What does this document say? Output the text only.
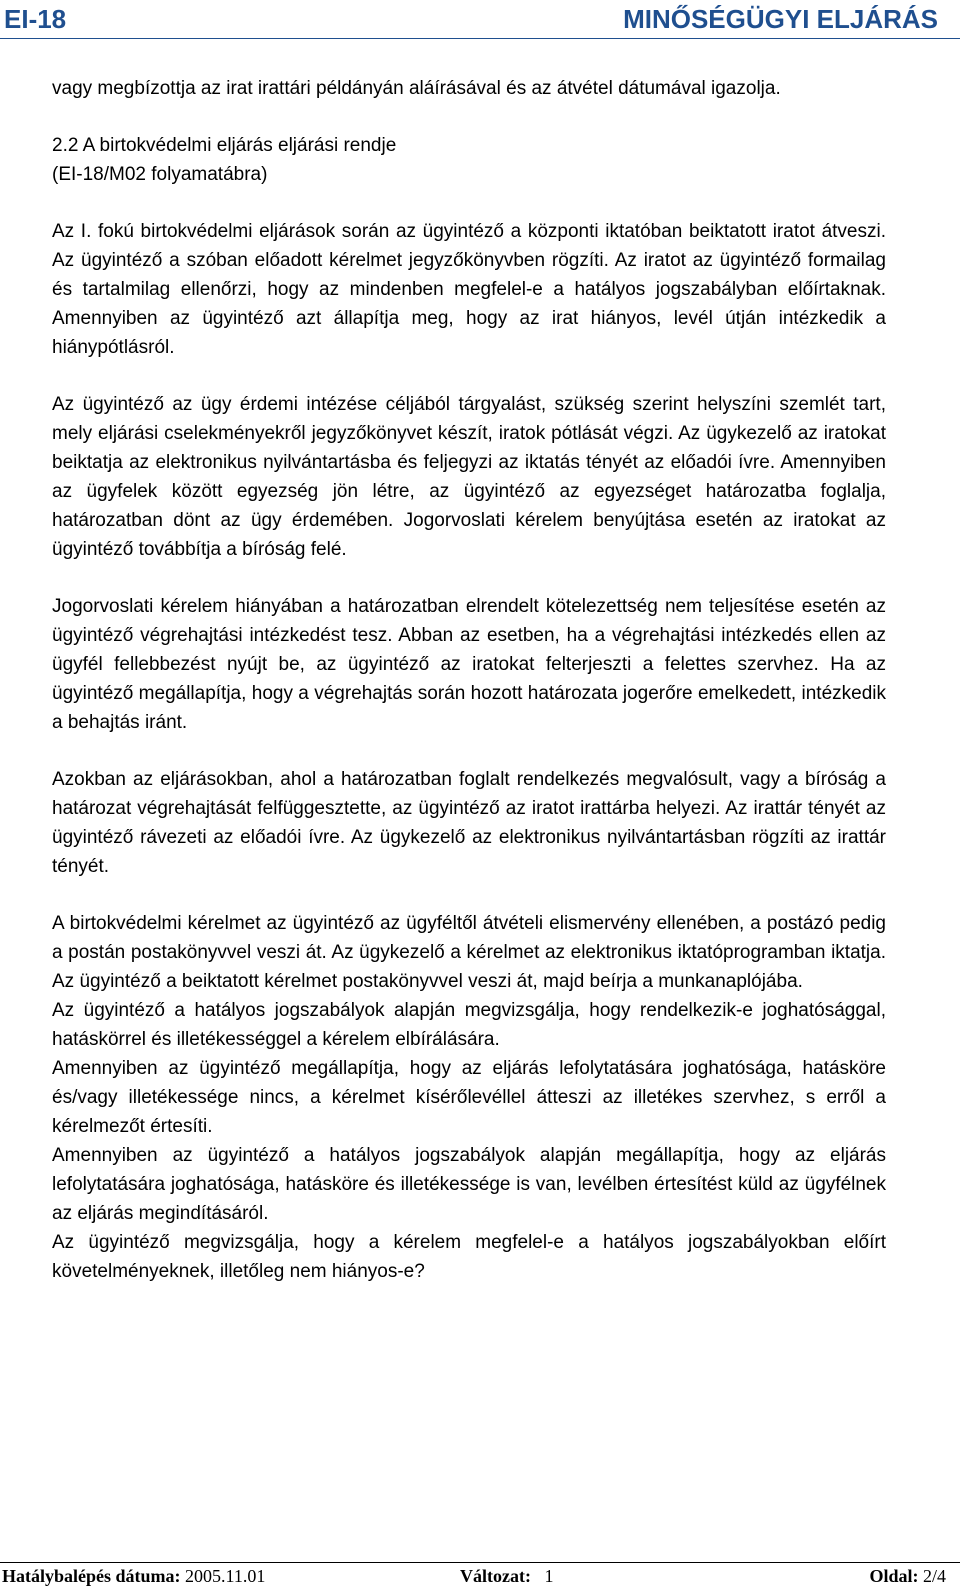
EI-18	MINŐSÉGÜGYI ELJÁRÁS

vagy megbízottja az irat irattári példányán aláírásával és az átvétel dátumával igazolja.

2.2 A birtokvédelmi eljárás eljárási rendje

(EI-18/M02 folyamatábra)

Az I. fokú birtokvédelmi eljárások során az ügyintéző a központi iktatóban beiktatott iratot átveszi. Az ügyintéző a szóban előadott kérelmet jegyzőkönyvben rögzíti. Az iratot az ügyintéző formailag és tartalmilag ellenőrzi, hogy az mindenben megfelel-e a hatályos jogszabályban előírtaknak. Amennyiben az ügyintéző azt állapítja meg, hogy az irat hiányos, levél útján intézkedik a hiánypótlásról.

Az ügyintéző az ügy érdemi intézése céljából tárgyalást, szükség szerint helyszíni szemlét tart, mely eljárási cselekményekről jegyzőkönyvet készít, iratok pótlását végzi. Az ügykezelő az iratokat beiktatja az elektronikus nyilvántartásba és feljegyzi az iktatás tényét az előadói ívre. Amennyiben az ügyfelek között egyezség jön létre, az ügyintéző az egyezséget határozatba foglalja, határozatban dönt az ügy érdemében. Jogorvoslati kérelem benyújtása esetén az iratokat az ügyintéző továbbítja a bíróság felé.

Jogorvoslati kérelem hiányában a határozatban elrendelt kötelezettség nem teljesítése esetén az ügyintéző végrehajtási intézkedést tesz. Abban az esetben, ha a végrehajtási intézkedés ellen az ügyfél fellebbezést nyújt be, az ügyintéző az iratokat felterjeszti a felettes szervhez. Ha az ügyintéző megállapítja, hogy a végrehajtás során hozott határozata jogerőre emelkedett, intézkedik a behajtás iránt.

Azokban az eljárásokban, ahol a határozatban foglalt rendelkezés megvalósult, vagy a bíróság a határozat végrehajtását felfüggesztette, az ügyintéző az iratot irattárba helyezi. Az irattár tényét az ügyintéző rávezeti az előadói ívre. Az ügykezelő az elektronikus nyilvántartásban rögzíti az irattár tényét.

A birtokvédelmi kérelmet az ügyintéző az ügyféltől átvételi elismervény ellenében, a postázó pedig a postán postakönyvvel veszi át. Az ügykezelő a kérelmet az elektronikus iktatóprogramban iktatja. Az ügyintéző a beiktatott kérelmet postakönyvvel veszi át, majd beírja a munkanaplójába.

Az ügyintéző a hatályos jogszabályok alapján megvizsgálja, hogy rendelkezik-e joghatósággal, hatáskörrel és illetékességgel a kérelem elbírálására.

Amennyiben az ügyintéző megállapítja, hogy az eljárás lefolytatására joghatósága, hatásköre és/vagy illetékessége nincs, a kérelmet kísérőlevéllel átteszi az illetékes szervhez, s erről a kérelmezőt értesíti.

Amennyiben az ügyintéző a hatályos jogszabályok alapján megállapítja, hogy az eljárás lefolytatására joghatósága, hatásköre és illetékessége is van, levélben értesítést küld az ügyfélnek az eljárás megindításáról.

Az ügyintéző megvizsgálja, hogy a kérelem megfelel-e a hatályos jogszabályokban előírt követelményeknek, illetőleg nem hiányos-e?

Hatálybalépés dátuma: 2005.11.01	Változat: 1	Oldal: 2/4
